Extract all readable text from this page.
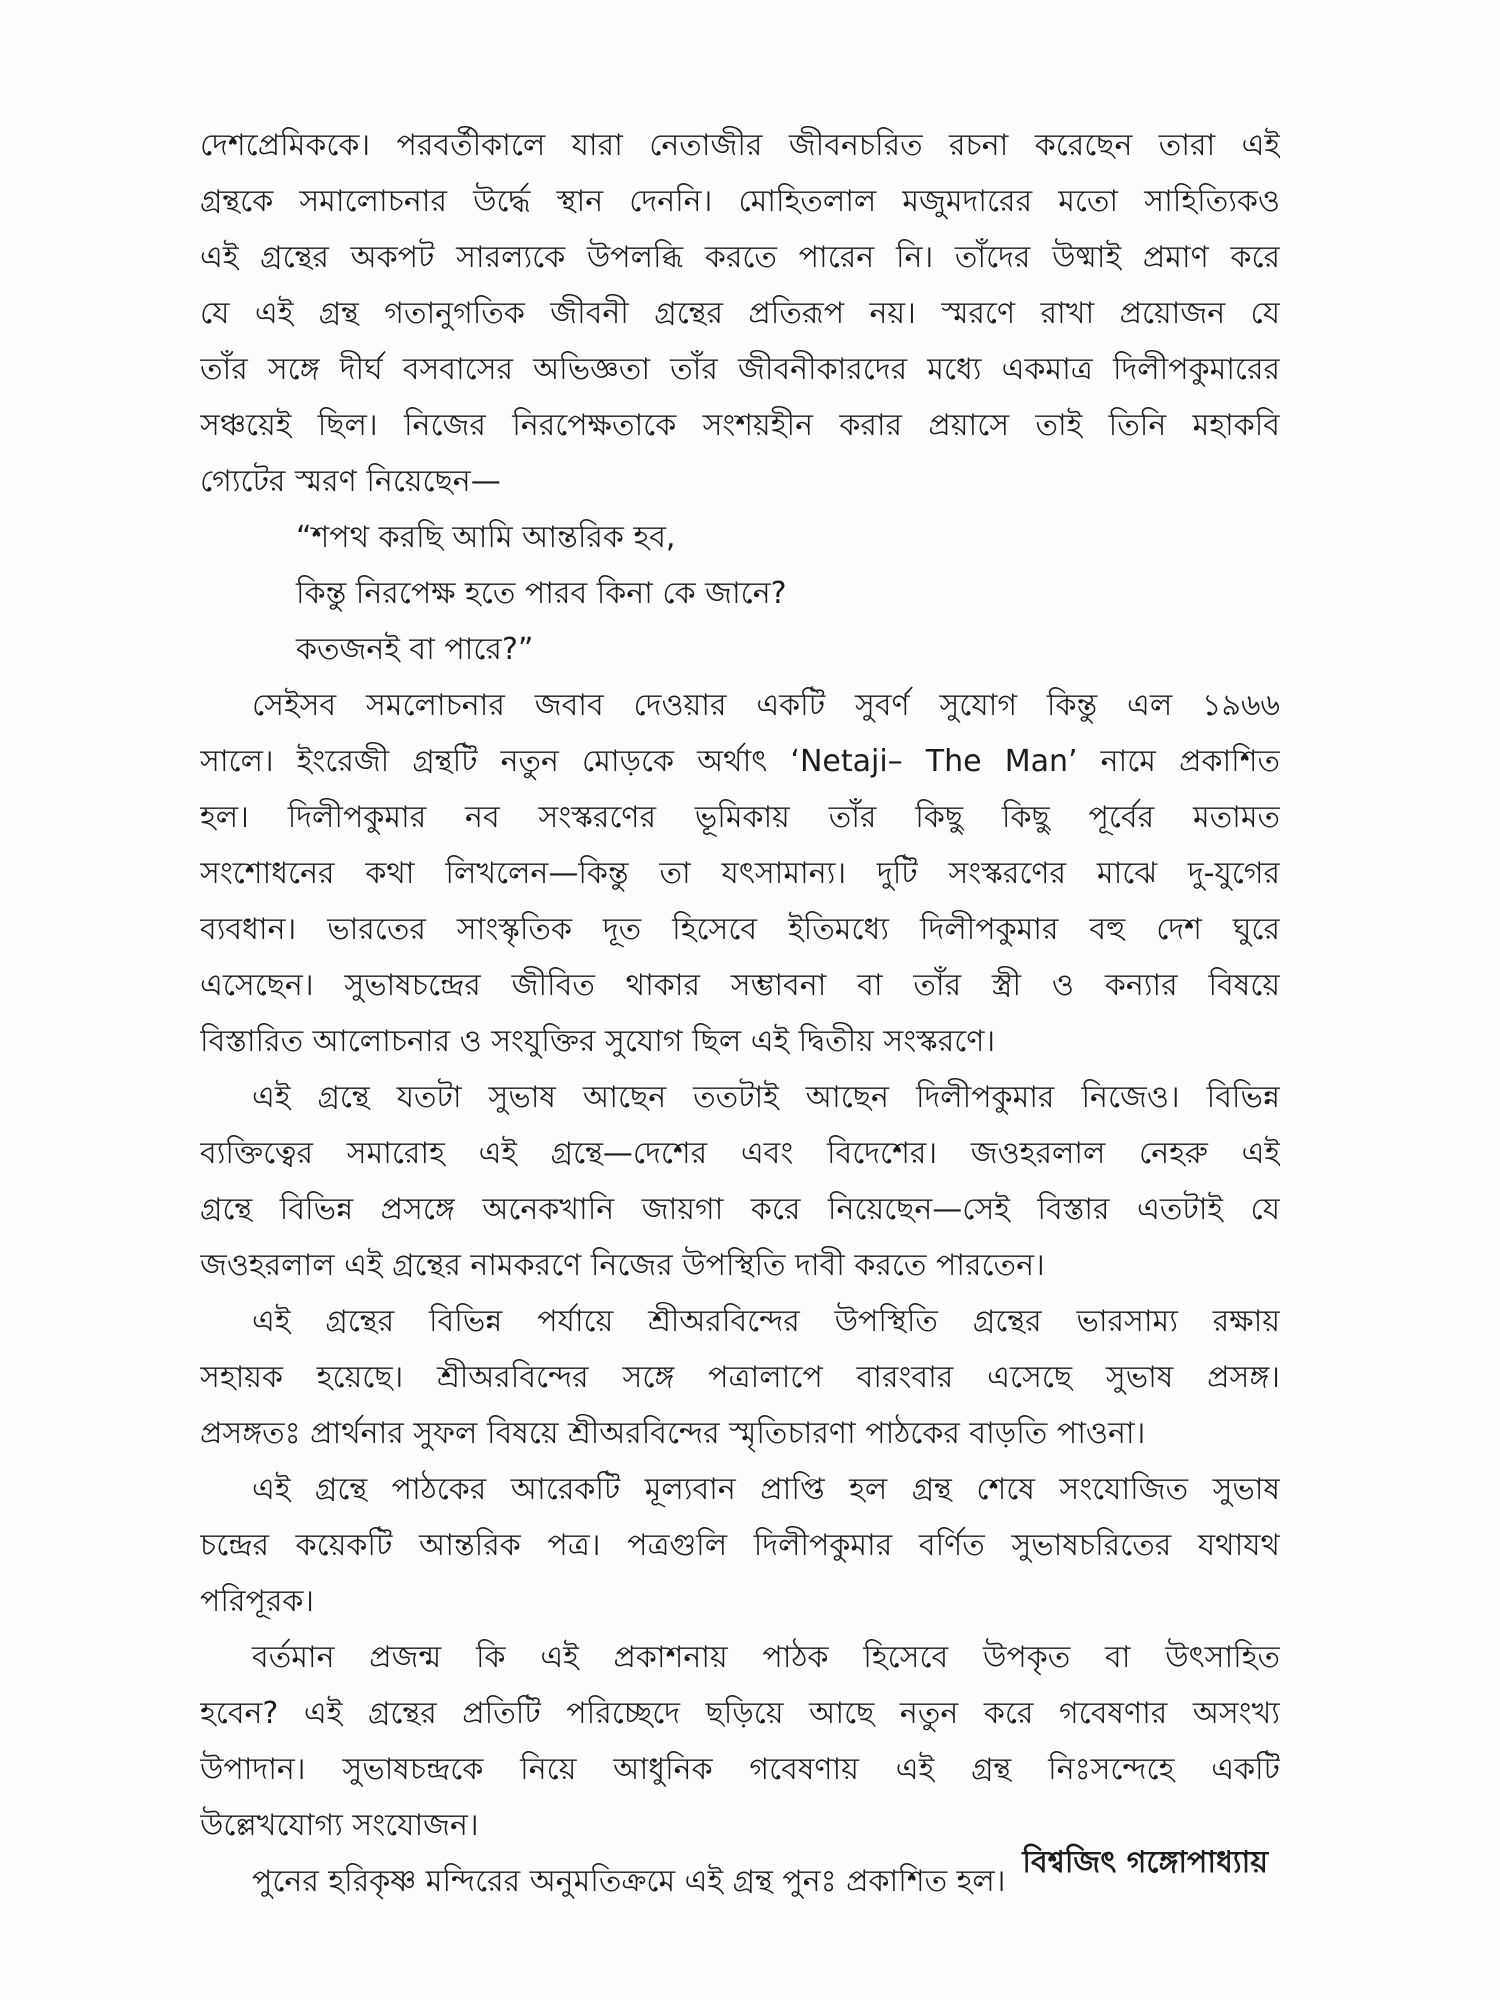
দেশপ্রেমিককে। পরবর্তীকালে যারা নেতাজীর জীবনচরিত রচনা করেছেন তারা এই
গ্রন্থকে সমালোচনার উর্দ্ধে স্থান দেননি। মোহিতলাল মজুমদারের মতো সাহিত্যিকও
এই গ্রন্থের অকপট সারল্যকে উপলব্ধি করতে পারেন নি। তাঁদের উষ্মাই প্রমাণ করে
যে এই গ্রন্থ গতানুগতিক জীবনী গ্রন্থের প্রতিরূপ নয়। স্মরণে রাখা প্রয়োজন যে
তাঁর সঙ্গে দীর্ঘ বসবাসের অভিজ্ঞতা তাঁর জীবনীকারদের মধ্যে একমাত্র দিলীপকুমারের
সঞ্চয়েই ছিল। নিজের নিরপেক্ষতাকে সংশয়হীন করার প্রয়াসে তাই তিনি মহাকবি
গ্যেটের স্মরণ নিয়েছেন—
“শপথ করছি আমি আন্তরিক হব,
কিন্তু নিরপেক্ষ হতে পারব কিনা কে জানে?
কতজনই বা পারে?”
সেইসব সমলোচনার জবাব দেওয়ার একটি সুবর্ণ সুযোগ কিন্তু এল ১৯৬৬
সালে। ইংরেজী গ্রন্থটি নতুন মোড়কে অর্থাৎ ‘Netaji– The Man’ নামে প্রকাশিত
হল। দিলীপকুমার নব সংস্করণের ভূমিকায় তাঁর কিছু কিছু পূর্বের মতামত
সংশোধনের কথা লিখলেন—কিন্তু তা যৎসামান্য। দুটি সংস্করণের মাঝে দু-যুগের
ব্যবধান। ভারতের সাংস্কৃতিক দূত হিসেবে ইতিমধ্যে দিলীপকুমার বহু দেশ ঘুরে
এসেছেন। সুভাষচন্দ্রের জীবিত থাকার সম্ভাবনা বা তাঁর স্ত্রী ও কন্যার বিষয়ে
বিস্তারিত আলোচনার ও সংযুক্তির সুযোগ ছিল এই দ্বিতীয় সংস্করণে।
এই গ্রন্থে যতটা সুভাষ আছেন ততটাই আছেন দিলীপকুমার নিজেও। বিভিন্ন
ব্যক্তিত্বের সমারোহ এই গ্রন্থে—দেশের এবং বিদেশের। জওহরলাল নেহরু এই
গ্রন্থে বিভিন্ন প্রসঙ্গে অনেকখানি জায়গা করে নিয়েছেন—সেই বিস্তার এতটাই যে
জওহরলাল এই গ্রন্থের নামকরণে নিজের উপস্থিতি দাবী করতে পারতেন।
এই গ্রন্থের বিভিন্ন পর্যায়ে শ্রীঅরবিন্দের উপস্থিতি গ্রন্থের ভারসাম্য রক্ষায়
সহায়ক হয়েছে। শ্রীঅরবিন্দের সঙ্গে পত্রালাপে বারংবার এসেছে সুভাষ প্রসঙ্গ।
প্রসঙ্গতঃ প্রার্থনার সুফল বিষয়ে শ্রীঅরবিন্দের স্মৃতিচারণা পাঠকের বাড়তি পাওনা।
এই গ্রন্থে পাঠকের আরেকটি মূল্যবান প্রাপ্তি হল গ্রন্থ শেষে সংযোজিত সুভাষ
চন্দ্রের কয়েকটি আন্তরিক পত্র। পত্রগুলি দিলীপকুমার বর্ণিত সুভাষচরিতের যথাযথ
পরিপূরক।
বর্তমান প্রজন্ম কি এই প্রকাশনায় পাঠক হিসেবে উপকৃত বা উৎসাহিত
হবেন? এই গ্রন্থের প্রতিটি পরিচ্ছেদে ছড়িয়ে আছে নতুন করে গবেষণার অসংখ্য
উপাদান। সুভাষচন্দ্রকে নিয়ে আধুনিক গবেষণায় এই গ্রন্থ নিঃসন্দেহে একটি
উল্লেখযোগ্য সংযোজন।
পুনের হরিকৃষ্ণ মন্দিরের অনুমতিক্রমে এই গ্রন্থ পুনঃ প্রকাশিত হল।
বিশ্বজিৎ গঙ্গোপাধ্যায়
